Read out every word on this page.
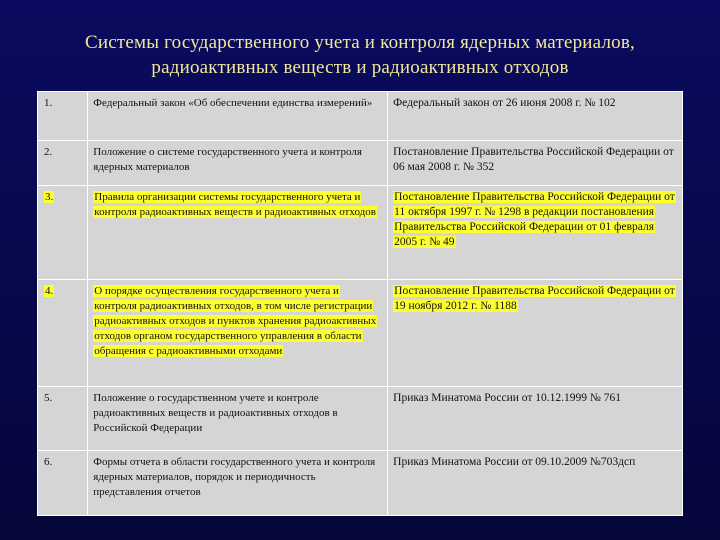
Системы государственного учета и контроля ядерных материалов,
радиоактивных веществ и радиоактивных отходов
1.	Федеральный закон «Об обеспечении единства измерений»	Федеральный закон от 26 июня 2008 г. № 102
2.	Положение о системе государственного учета и контроля ядерных материалов	Постановление Правительства Российской Федерации от 06 мая 2008 г. № 352
3.	Правила организации системы государственного учета и контроля радиоактивных веществ и радиоактивных отходов	Постановление Правительства Российской Федерации от 11 октября 1997 г. № 1298 в редакции постановления Правительства Российской Федерации от 01 февраля 2005 г. № 49
4.	О порядке осуществления государственного учета и контроля радиоактивных отходов, в том числе регистрации радиоактивных отходов и пунктов хранения радиоактивных отходов органом государственного управления в области обращения с радиоактивными отходами	Постановление Правительства Российской Федерации от 19 ноября 2012 г. № 1188
5.	Положение о государственном учете и контроле радиоактивных веществ и радиоактивных отходов в Российской Федерации	Приказ Минатома России от 10.12.1999 № 761
6.	Формы отчета в области государственного учета и контроля ядерных материалов, порядок и периодичность представления отчетов	Приказ Минатома России от 09.10.2009 №703дсп
